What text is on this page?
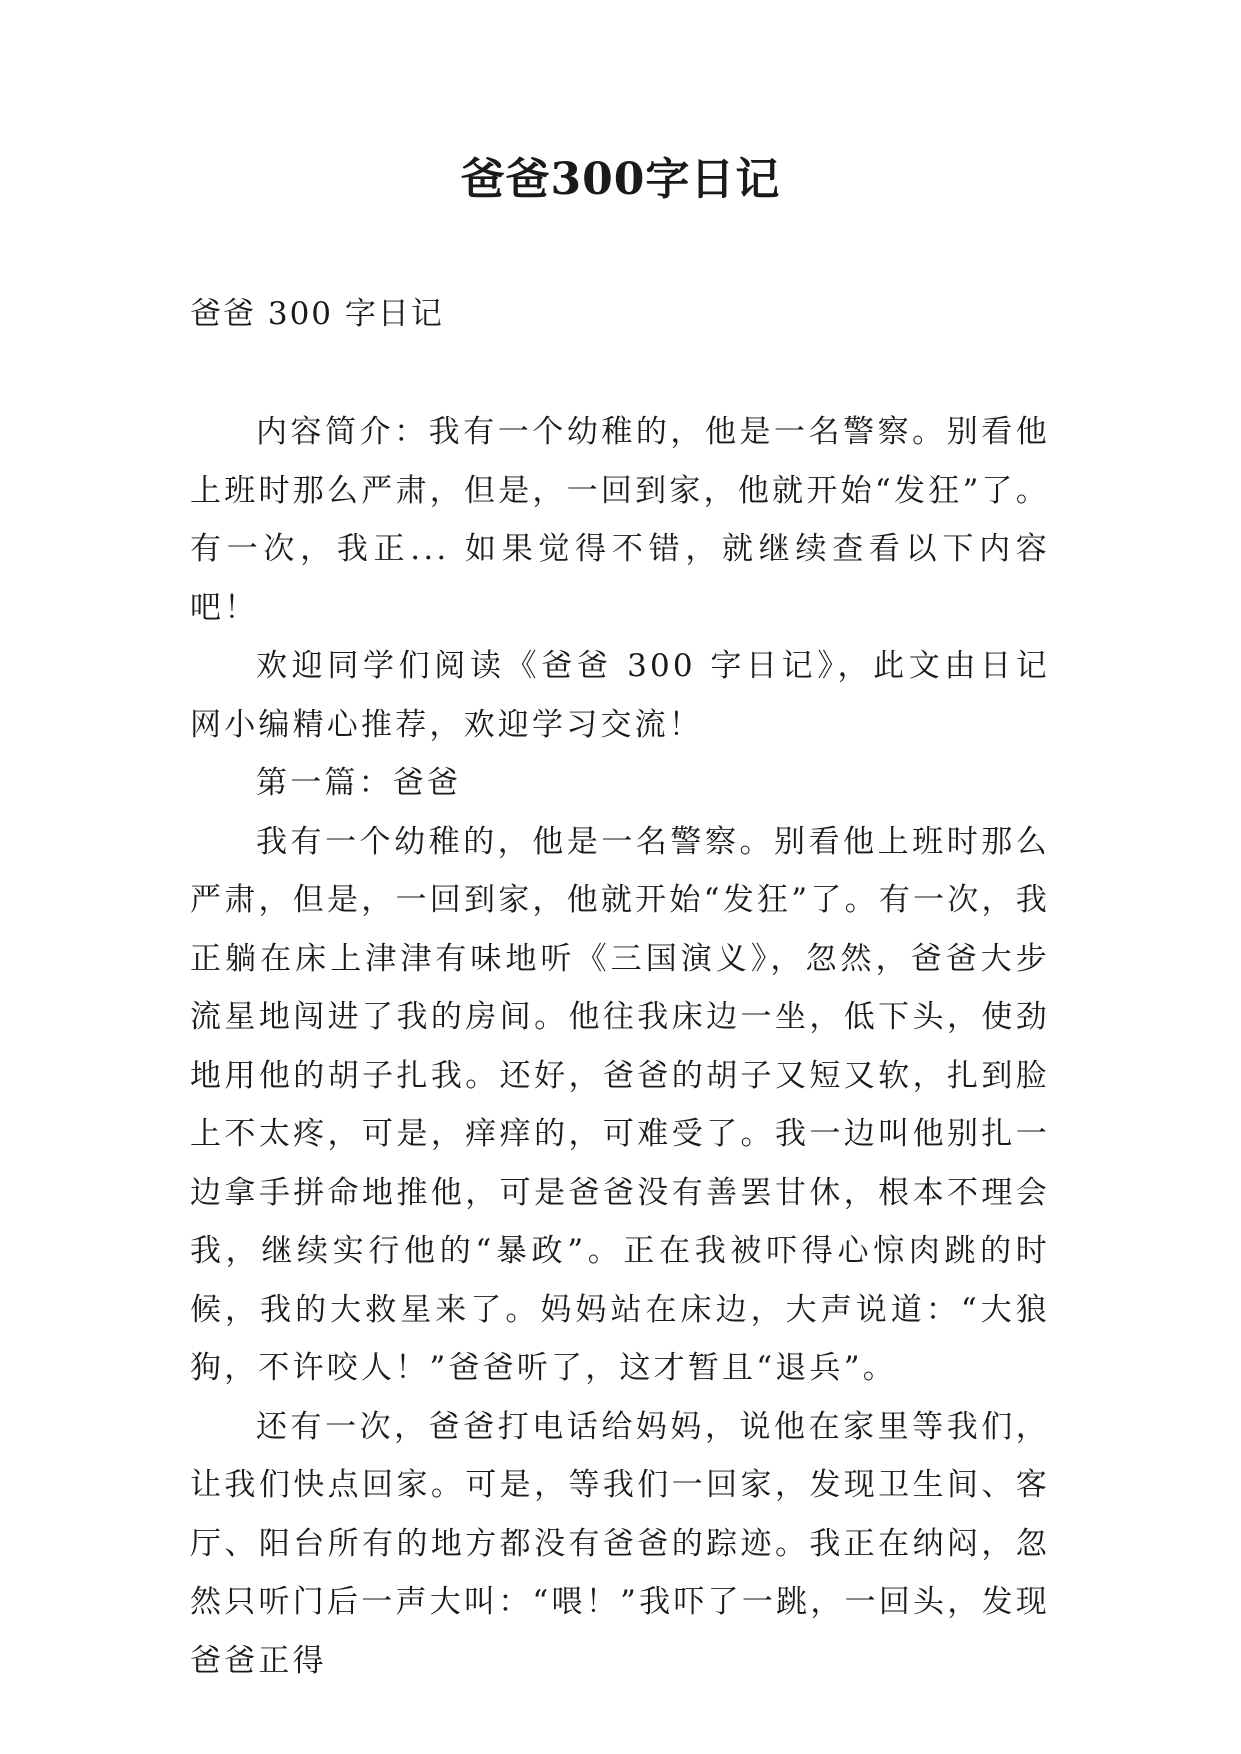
爸爸300字日记

爸爸 300 字日记

内容简介：我有一个幼稚的，他是一名警察。别看他上班时那么严肃，但是，一回到家，他就开始“发狂”了。有一次，我正... 如果觉得不错，就继续查看以下内容吧！

欢迎同学们阅读《爸爸 300 字日记》，此文由日记网小编精心推荐，欢迎学习交流！

第一篇：爸爸

我有一个幼稚的，他是一名警察。别看他上班时那么严肃，但是，一回到家，他就开始“发狂”了。有一次，我正躺在床上津津有味地听《三国演义》，忽然，爸爸大步流星地闯进了我的房间。他往我床边一坐，低下头，使劲地用他的胡子扎我。还好，爸爸的胡子又短又软，扎到脸上不太疼，可是，痒痒的，可难受了。我一边叫他别扎一边拿手拼命地推他，可是爸爸没有善罢甘休，根本不理会我，继续实行他的“暴政”。正在我被吓得心惊肉跳的时候，我的大救星来了。妈妈站在床边，大声说道：“大狼狗，不许咬人！”爸爸听了，这才暂且“退兵”。

还有一次，爸爸打电话给妈妈，说他在家里等我们，让我们快点回家。可是，等我们一回家，发现卫生间、客厅、阳台所有的地方都没有爸爸的踪迹。我正在纳闷，忽然只听门后一声大叫：“喂！”我吓了一跳，一回头，发现爸爸正得
